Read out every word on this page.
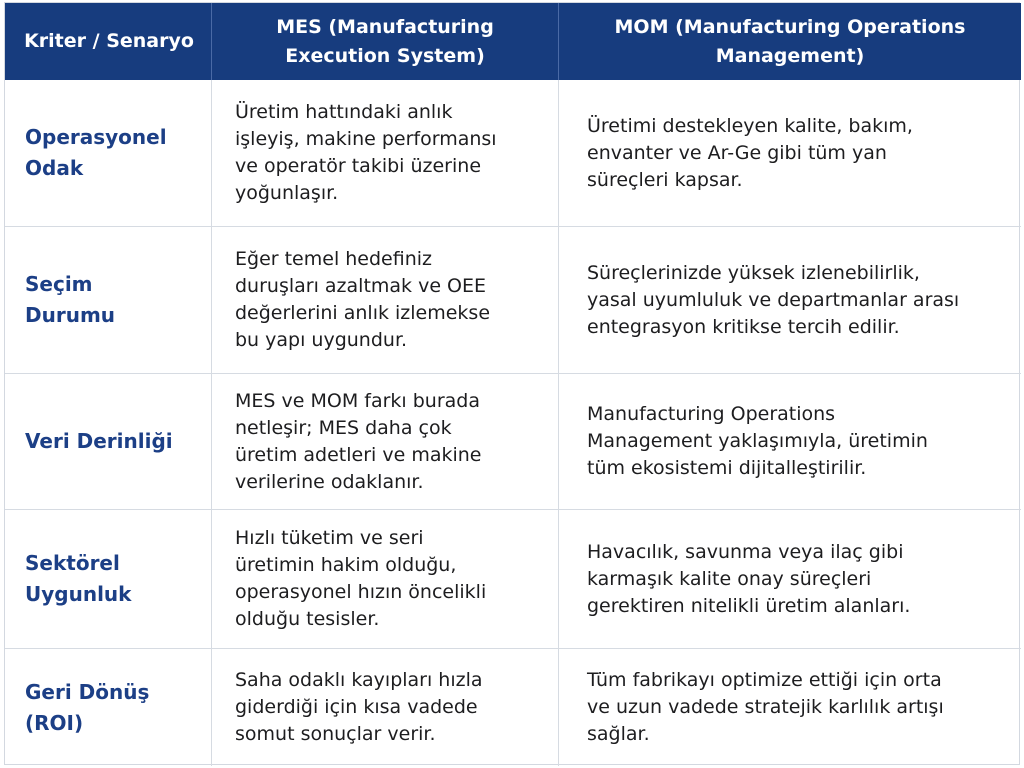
Kriter / Senaryo
MES (Manufacturing
Execution System)
MOM (Manufacturing Operations
Management)
Operasyonel
Odak
Üretim hattındaki anlık
işleyiş, makine performansı
ve operatör takibi üzerine
yoğunlaşır.
Üretimi destekleyen kalite, bakım,
envanter ve Ar-Ge gibi tüm yan
süreçleri kapsar.
Seçim
Durumu
Eğer temel hedefiniz
duruşları azaltmak ve OEE
değerlerini anlık izlemekse
bu yapı uygundur.
Süreçlerinizde yüksek izlenebilirlik,
yasal uyumluluk ve departmanlar arası
entegrasyon kritikse tercih edilir.
Veri Derinliği
MES ve MOM farkı burada
netleşir; MES daha çok
üretim adetleri ve makine
verilerine odaklanır.
Manufacturing Operations
Management yaklaşımıyla, üretimin
tüm ekosistemi dijitalleştirilir.
Sektörel
Uygunluk
Hızlı tüketim ve seri
üretimin hakim olduğu,
operasyonel hızın öncelikli
olduğu tesisler.
Havacılık, savunma veya ilaç gibi
karmaşık kalite onay süreçleri
gerektiren nitelikli üretim alanları.
Geri Dönüş
(ROI)
Saha odaklı kayıpları hızla
giderdiği için kısa vadede
somut sonuçlar verir.
Tüm fabrikayı optimize ettiği için orta
ve uzun vadede stratejik karlılık artışı
sağlar.
